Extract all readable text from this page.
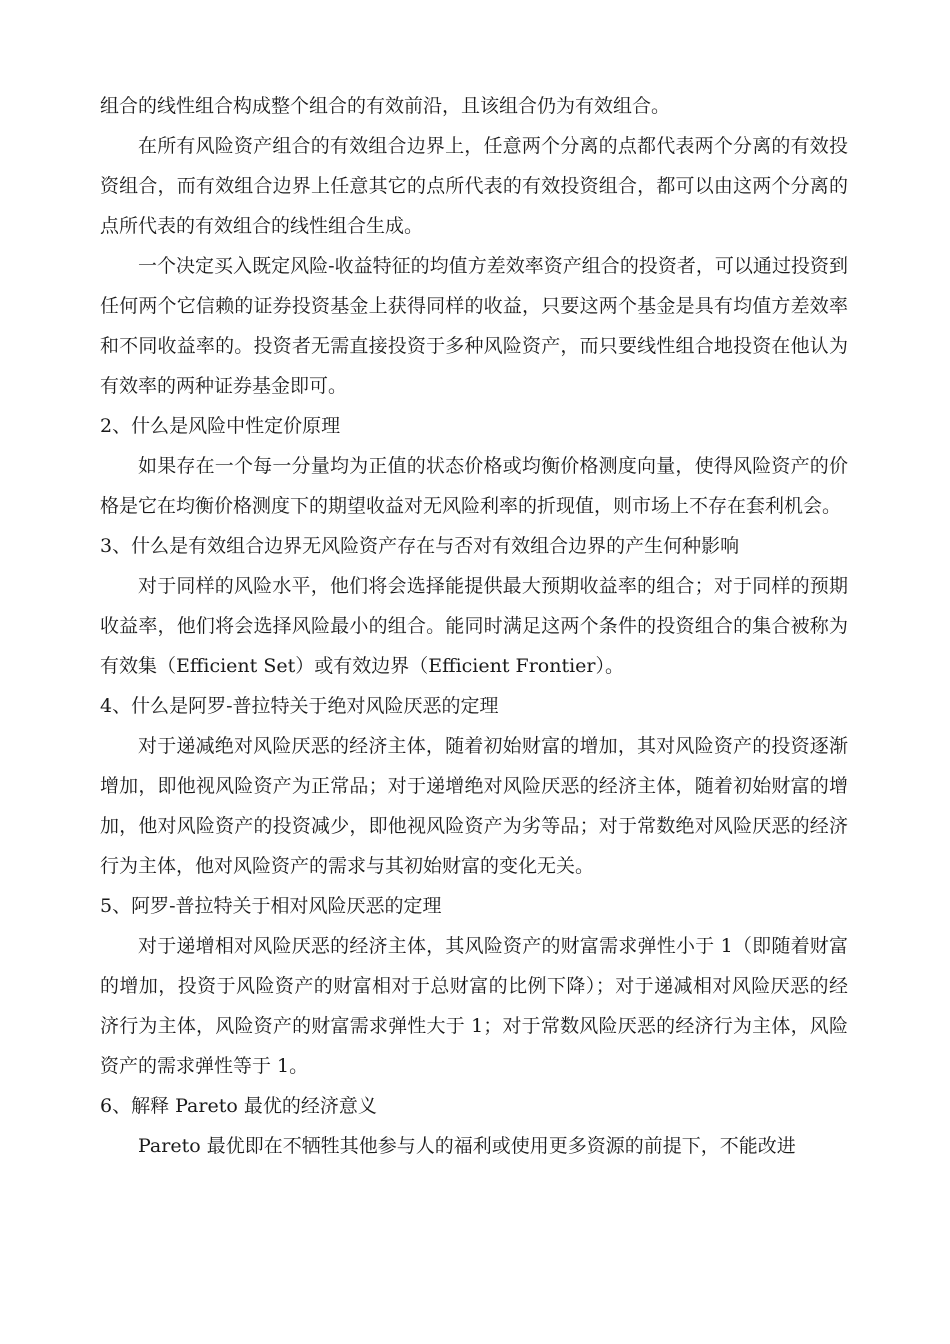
组合的线性组合构成整个组合的有效前沿，且该组合仍为有效组合。

在所有风险资产组合的有效组合边界上，任意两个分离的点都代表两个分离的有效投资组合，而有效组合边界上任意其它的点所代表的有效投资组合，都可以由这两个分离的点所代表的有效组合的线性组合生成。

一个决定买入既定风险-收益特征的均值方差效率资产组合的投资者，可以通过投资到任何两个它信赖的证券投资基金上获得同样的收益，只要这两个基金是具有均值方差效率和不同收益率的。投资者无需直接投资于多种风险资产，而只要线性组合地投资在他认为有效率的两种证券基金即可。

2、什么是风险中性定价原理

如果存在一个每一分量均为正值的状态价格或均衡价格测度向量，使得风险资产的价格是它在均衡价格测度下的期望收益对无风险利率的折现值，则市场上不存在套利机会。

3、什么是有效组合边界无风险资产存在与否对有效组合边界的产生何种影响

对于同样的风险水平，他们将会选择能提供最大预期收益率的组合；对于同样的预期收益率，他们将会选择风险最小的组合。能同时满足这两个条件的投资组合的集合被称为有效集（Efficient Set）或有效边界（Efficient Frontier）。

4、什么是阿罗-普拉特关于绝对风险厌恶的定理

对于递减绝对风险厌恶的经济主体，随着初始财富的增加，其对风险资产的投资逐渐增加，即他视风险资产为正常品；对于递增绝对风险厌恶的经济主体，随着初始财富的增加，他对风险资产的投资减少，即他视风险资产为劣等品；对于常数绝对风险厌恶的经济行为主体，他对风险资产的需求与其初始财富的变化无关。

5、阿罗-普拉特关于相对风险厌恶的定理

对于递增相对风险厌恶的经济主体，其风险资产的财富需求弹性小于 1（即随着财富的增加，投资于风险资产的财富相对于总财富的比例下降）；对于递减相对风险厌恶的经济行为主体，风险资产的财富需求弹性大于 1；对于常数风险厌恶的经济行为主体，风险资产的需求弹性等于 1。

6、解释 Pareto 最优的经济意义

Pareto 最优即在不牺牲其他参与人的福利或使用更多资源的前提下，不能改进
